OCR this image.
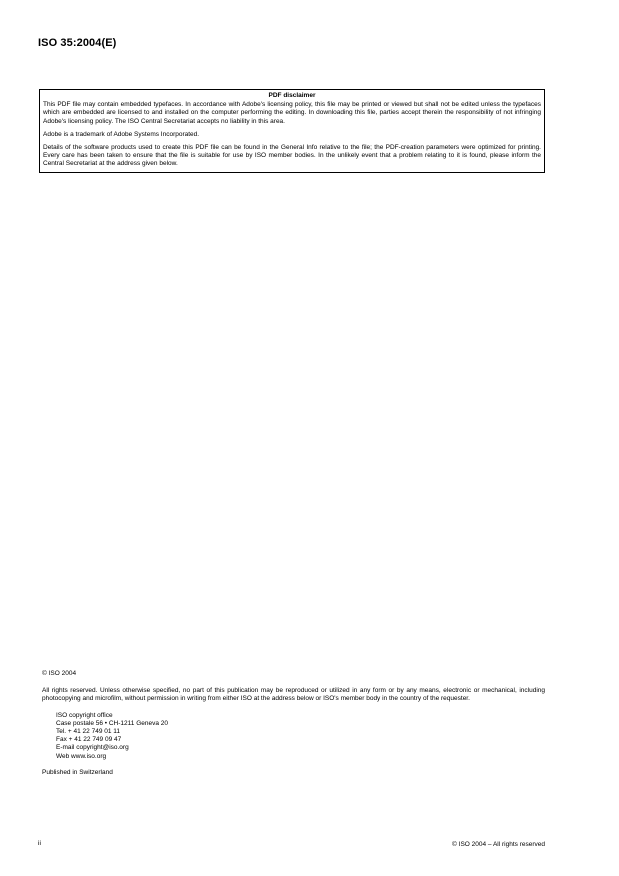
ISO 35:2004(E)
PDF disclaimer

This PDF file may contain embedded typefaces. In accordance with Adobe's licensing policy, this file may be printed or viewed but shall not be edited unless the typefaces which are embedded are licensed to and installed on the computer performing the editing. In downloading this file, parties accept therein the responsibility of not infringing Adobe's licensing policy. The ISO Central Secretariat accepts no liability in this area.

Adobe is a trademark of Adobe Systems Incorporated.

Details of the software products used to create this PDF file can be found in the General Info relative to the file; the PDF-creation parameters were optimized for printing. Every care has been taken to ensure that the file is suitable for use by ISO member bodies. In the unlikely event that a problem relating to it is found, please inform the Central Secretariat at the address given below.

© ISO 2004
All rights reserved. Unless otherwise specified, no part of this publication may be reproduced or utilized in any form or by any means, electronic or mechanical, including photocopying and microfilm, without permission in writing from either ISO at the address below or ISO's member body in the country of the requester.
ISO copyright office
Case postale 56 • CH-1211 Geneva 20
Tel. + 41 22 749 01 11
Fax + 41 22 749 09 47
E-mail copyright@iso.org
Web www.iso.org
Published in Switzerland
ii	© ISO 2004 – All rights reserved
